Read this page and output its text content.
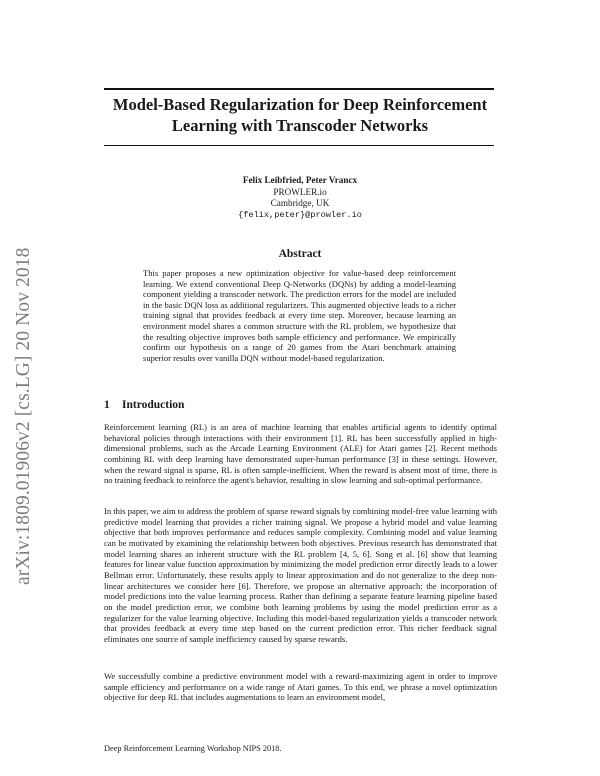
arXiv:1809.01906v2 [cs.LG] 20 Nov 2018
Model-Based Regularization for Deep Reinforcement Learning with Transcoder Networks
Felix Leibfried, Peter Vrancx
PROWLER.io
Cambridge, UK
{felix,peter}@prowler.io
Abstract
This paper proposes a new optimization objective for value-based deep reinforcement learning. We extend conventional Deep Q-Networks (DQNs) by adding a model-learning component yielding a transcoder network. The prediction errors for the model are included in the basic DQN loss as additional regularizers. This augmented objective leads to a richer training signal that provides feedback at every time step. Moreover, because learning an environment model shares a common structure with the RL problem, we hypothesize that the resulting objective improves both sample efficiency and performance. We empirically confirm our hypothesis on a range of 20 games from the Atari benchmark attaining superior results over vanilla DQN without model-based regularization.
1 Introduction
Reinforcement learning (RL) is an area of machine learning that enables artificial agents to identify optimal behavioral policies through interactions with their environment [1]. RL has been successfully applied in high-dimensional problems, such as the Arcade Learning Environment (ALE) for Atari games [2]. Recent methods combining RL with deep learning have demonstrated super-human performance [3] in these settings. However, when the reward signal is sparse, RL is often sample-inefficient. When the reward is absent most of time, there is no training feedback to reinforce the agent's behavior, resulting in slow learning and sub-optimal performance.
In this paper, we aim to address the problem of sparse reward signals by combining model-free value learning with predictive model learning that provides a richer training signal. We propose a hybrid model and value learning objective that both improves performance and reduces sample complexity. Combining model and value learning can be motivated by examining the relationship between both objectives. Previous research has demonstrated that model learning shares an inherent structure with the RL problem [4, 5, 6]. Song et al. [6] show that learning features for linear value function approximation by minimizing the model prediction error directly leads to a lower Bellman error. Unfortunately, these results apply to linear approximation and do not generalize to the deep non-linear architectures we consider here [6]. Therefore, we propose an alternative approach: the incorporation of model predictions into the value learning process. Rather than defining a separate feature learning pipeline based on the model prediction error, we combine both learning problems by using the model prediction error as a regularizer for the value learning objective. Including this model-based regularization yields a transcoder network that provides feedback at every time step based on the current prediction error. This richer feedback signal eliminates one source of sample inefficiency caused by sparse rewards.
We successfully combine a predictive environment model with a reward-maximizing agent in order to improve sample efficiency and performance on a wide range of Atari games. To this end, we phrase a novel optimization objective for deep RL that includes augmentations to learn an environment model,
Deep Reinforcement Learning Workshop NIPS 2018.
